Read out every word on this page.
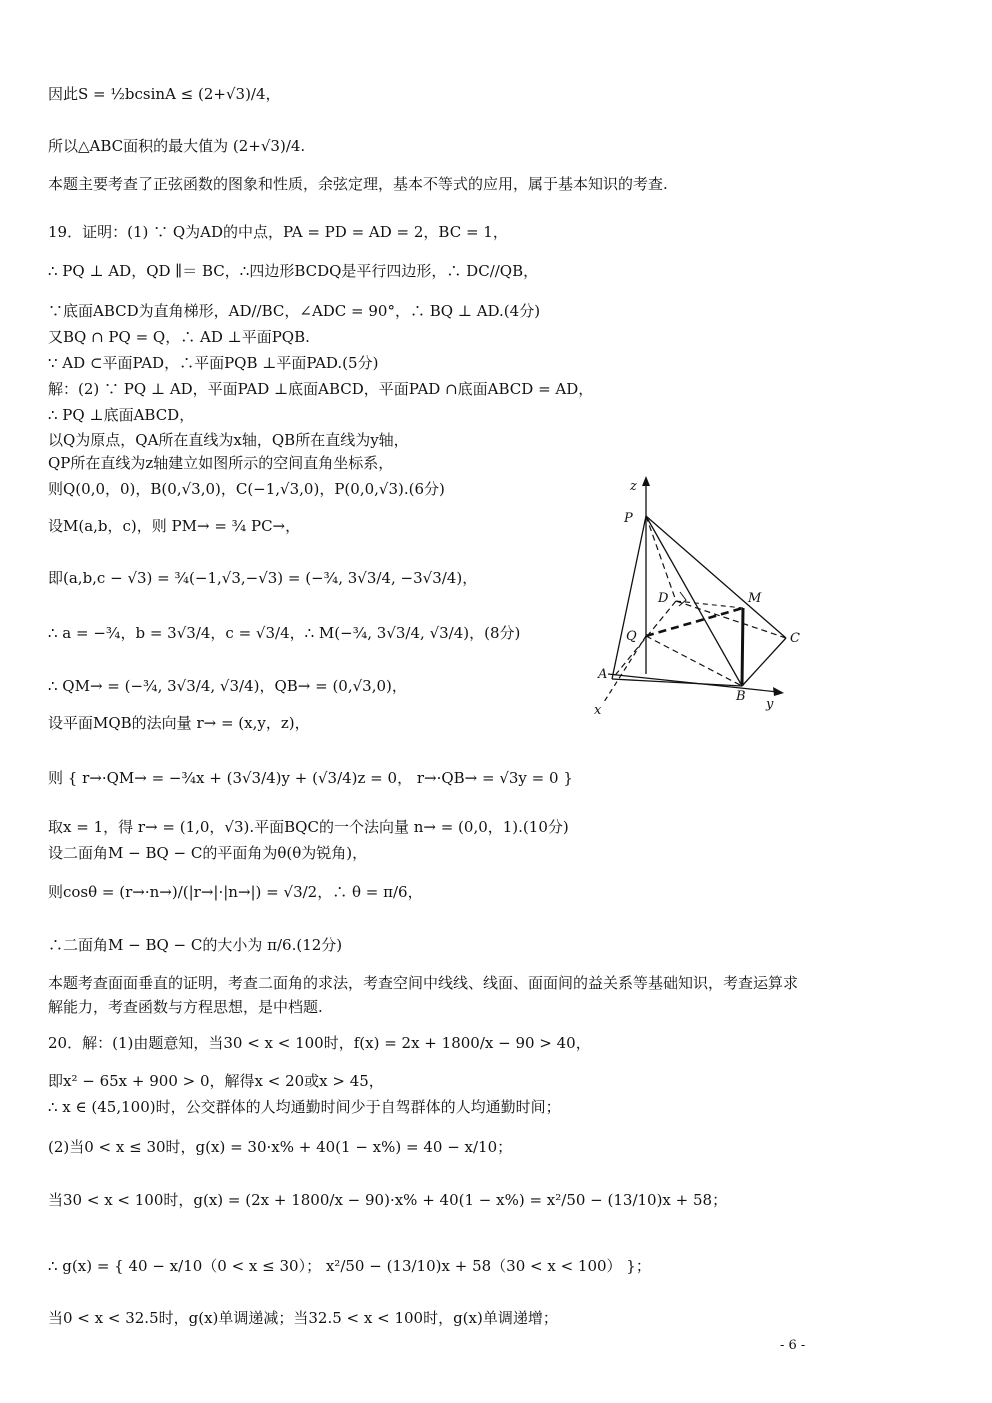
因此S = ½bcsinA ≤ (2+√3)/4，
所以△ABC面积的最大值为 (2+√3)/4.
本题主要考查了正弦函数的图象和性质，余弦定理，基本不等式的应用，属于基本知识的考查.
19．证明：(1) ∵ Q为AD的中点，PA = PD = AD = 2，BC = 1，
∴ PQ ⊥ AD，QD ∥＝ BC，∴四边形BCDQ是平行四边形，∴ DC//QB，
∵底面ABCD为直角梯形，AD//BC，∠ADC = 90°，∴ BQ ⊥ AD.(4分)
又BQ ∩ PQ = Q，∴ AD ⊥平面PQB.
∵ AD ⊂平面PAD，∴平面PQB ⊥平面PAD.(5分)
解：(2) ∵ PQ ⊥ AD，平面PAD ⊥底面ABCD，平面PAD ∩底面ABCD = AD，
∴ PQ ⊥底面ABCD，
以Q为原点，QA所在直线为x轴，QB所在直线为y轴，
QP所在直线为z轴建立如图所示的空间直角坐标系，
则Q(0,0，0)，B(0,√3,0)，C(−1,√3,0)，P(0,0,√3).(6分)
设M(a,b，c)，则 PM→ = ¾ PC→，
即(a,b,c − √3) = ¾(−1,√3,−√3) = (−¾, 3√3/4, −3√3/4)，
∴ a = −¾，b = 3√3/4，c = √3/4，∴ M(−¾, 3√3/4, √3/4)，(8分)
∴ QM→ = (−¾, 3√3/4, √3/4)，QB→ = (0,√3,0)，
设平面MQB的法向量 r→ = (x,y，z)，
则 { r→·QM→ = −¾x + (3√3/4)y + (√3/4)z = 0， r→·QB→ = √3y = 0 }
取x = 1，得 r→ = (1,0，√3).平面BQC的一个法向量 n→ = (0,0，1).(10分)
设二面角M − BQ − C的平面角为θ(θ为锐角)，
则cosθ = (r→·n→)/(|r→|·|n→|) = √3/2，∴ θ = π/6，
∴二面角M − BQ − C的大小为 π/6.(12分)
本题考查面面垂直的证明，考查二面角的求法，考查空间中线线、线面、面面间的益关系等基础知识，考查运算求解能力，考查函数与方程思想，是中档题.
20．解：(1)由题意知，当30 < x < 100时，f(x) = 2x + 1800/x − 90 > 40，
即x² − 65x + 900 > 0，解得x < 20或x > 45，
∴ x ∈ (45,100)时，公交群体的人均通勤时间少于自驾群体的人均通勤时间；
(2)当0 < x ≤ 30时，g(x) = 30·x% + 40(1 − x%) = 40 − x/10；
当30 < x < 100时，g(x) = (2x + 1800/x − 90)·x% + 40(1 − x%) = x²/50 − (13/10)x + 58；
∴ g(x) = { 40 − x/10（0 < x ≤ 30）； x²/50 − (13/10)x + 58（30 < x < 100） }；
当0 < x < 32.5时，g(x)单调递减；当32.5 < x < 100时，g(x)单调递增；
z
P
D	M
Q	C
A
B
x	y
- 6 -
